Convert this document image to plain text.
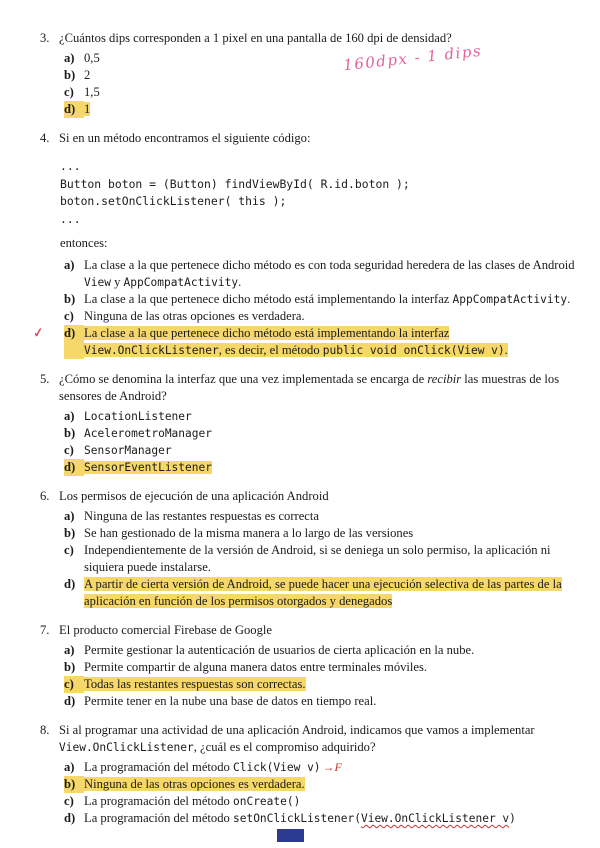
3. ¿Cuántos dips corresponden a 1 pixel en una pantalla de 160 dpi de densidad?
a) 0,5
b) 2
c) 1,5
d) 1
160dpx - 1 dips
4. Si en un método encontramos el siguiente código:
...
Button boton = (Button) findViewById( R.id.boton );
boton.setOnClickListener( this );
...
entonces:
a) La clase a la que pertenece dicho método es con toda seguridad heredera de las clases de Android View y AppCompatActivity.
b) La clase a la que pertenece dicho método está implementando la interfaz AppCompatActivity.
c) Ninguna de las otras opciones es verdadera.
✓ d) La clase a la que pertenece dicho método está implementando la interfaz View.OnClickListener, es decir, el método public void onClick(View v).
5. ¿Cómo se denomina la interfaz que una vez implementada se encarga de recibir las muestras de los sensores de Android?
a) LocationListener
b) AcelerometroManager
c) SensorManager
d) SensorEventListener
6. Los permisos de ejecución de una aplicación Android
a) Ninguna de las restantes respuestas es correcta
b) Se han gestionado de la misma manera a lo largo de las versiones
c) Independientemente de la versión de Android, si se deniega un solo permiso, la aplicación ni siquiera puede instalarse.
d) A partir de cierta versión de Android, se puede hacer una ejecución selectiva de las partes de la aplicación en función de los permisos otorgados y denegados
7. El producto comercial Firebase de Google
a) Permite gestionar la autenticación de usuarios de cierta aplicación en la nube.
b) Permite compartir de alguna manera datos entre terminales móviles.
c) Todas las restantes respuestas son correctas.
d) Permite tener en la nube una base de datos en tiempo real.
8. Si al programar una actividad de una aplicación Android, indicamos que vamos a implementar View.OnClickListener, ¿cuál es el compromiso adquirido?
a) La programación del método Click(View v) →F
b) Ninguna de las otras opciones es verdadera.
c) La programación del método onCreate()
d) La programación del método setOnClickListener(View.OnClickListener v)
